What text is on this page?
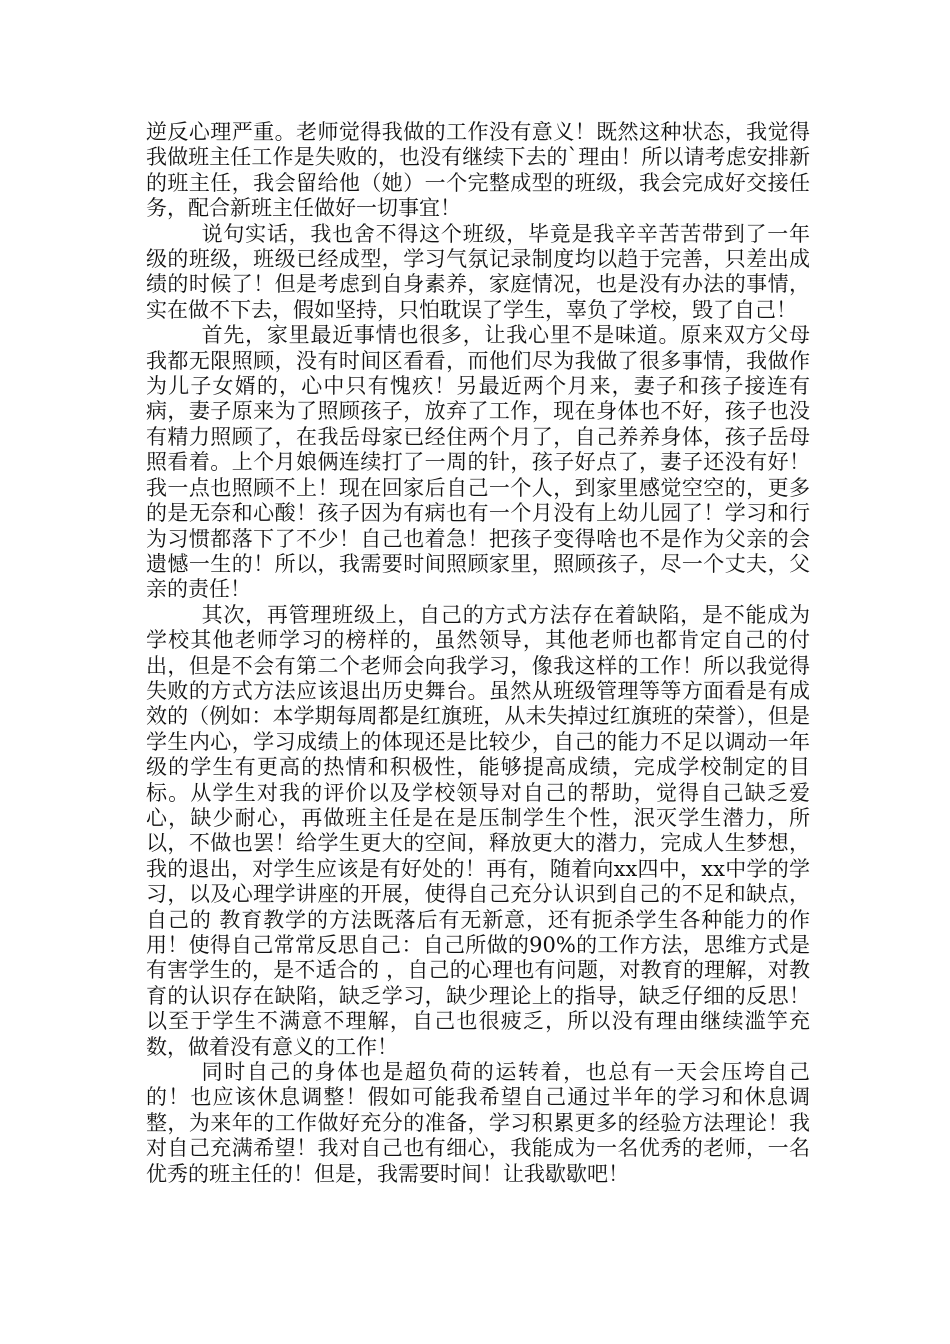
逆反心理严重。老师觉得我做的工作没有意义！既然这种状态，我觉得我做班主任工作是失败的，也没有继续下去的`理由！所以请考虑安排新的班主任，我会留给他（她）一个完整成型的班级，我会完成好交接任务，配合新班主任做好一切事宜！

说句实话，我也舍不得这个班级，毕竟是我辛辛苦苦带到了一年级的班级，班级已经成型，学习气氛记录制度均以趋于完善，只差出成绩的时候了！但是考虑到自身素养，家庭情况，也是没有办法的事情，实在做不下去，假如坚持，只怕耽误了学生，辜负了学校，毁了自己！

首先，家里最近事情也很多，让我心里不是味道。原来双方父母我都无限照顾，没有时间区看看，而他们尽为我做了很多事情，我做作为儿子女婿的，心中只有愧疚！另最近两个月来，妻子和孩子接连有病，妻子原来为了照顾孩子，放弃了工作，现在身体也不好，孩子也没有精力照顾了，在我岳母家已经住两个月了，自己养养身体，孩子岳母照看着。上个月娘俩连续打了一周的针，孩子好点了，妻子还没有好！我一点也照顾不上！现在回家后自己一个人，到家里感觉空空的，更多的是无奈和心酸！孩子因为有病也有一个月没有上幼儿园了！学习和行为习惯都落下了不少！自己也着急！把孩子变得啥也不是作为父亲的会遗憾一生的！所以，我需要时间照顾家里，照顾孩子，尽一个丈夫，父亲的责任！

其次，再管理班级上，自己的方式方法存在着缺陷，是不能成为学校其他老师学习的榜样的，虽然领导，其他老师也都肯定自己的付出，但是不会有第二个老师会向我学习，像我这样的工作！所以我觉得失败的方式方法应该退出历史舞台。虽然从班级管理等等方面看是有成效的（例如：本学期每周都是红旗班，从未失掉过红旗班的荣誉），但是学生内心，学习成绩上的体现还是比较少，自己的能力不足以调动一年级的学生有更高的热情和积极性，能够提高成绩，完成学校制定的目标。从学生对我的评价以及学校领导对自己的帮助，觉得自己缺乏爱心，缺少耐心，再做班主任是在是压制学生个性，泯灭学生潜力，所以，不做也罢！给学生更大的空间，释放更大的潜力，完成人生梦想，我的退出，对学生应该是有好处的！再有，随着向xx四中，xx中学的学习，以及心理学讲座的开展，使得自己充分认识到自己的不足和缺点，自己的 教育教学的方法既落后有无新意，还有扼杀学生各种能力的作用！使得自己常常反思自己：自己所做的90%的工作方法，思维方式是有害学生的，是不适合的 ，自己的心理也有问题，对教育的理解，对教育的认识存在缺陷，缺乏学习，缺少理论上的指导，缺乏仔细的反思！以至于学生不满意不理解，自己也很疲乏，所以没有理由继续滥竽充数，做着没有意义的工作！

同时自己的身体也是超负荷的运转着，也总有一天会压垮自己的！也应该休息调整！假如可能我希望自己通过半年的学习和休息调整，为来年的工作做好充分的准备，学习积累更多的经验方法理论！我对自己充满希望！我对自己也有细心，我能成为一名优秀的老师，一名优秀的班主任的！但是，我需要时间！让我歇歇吧！
